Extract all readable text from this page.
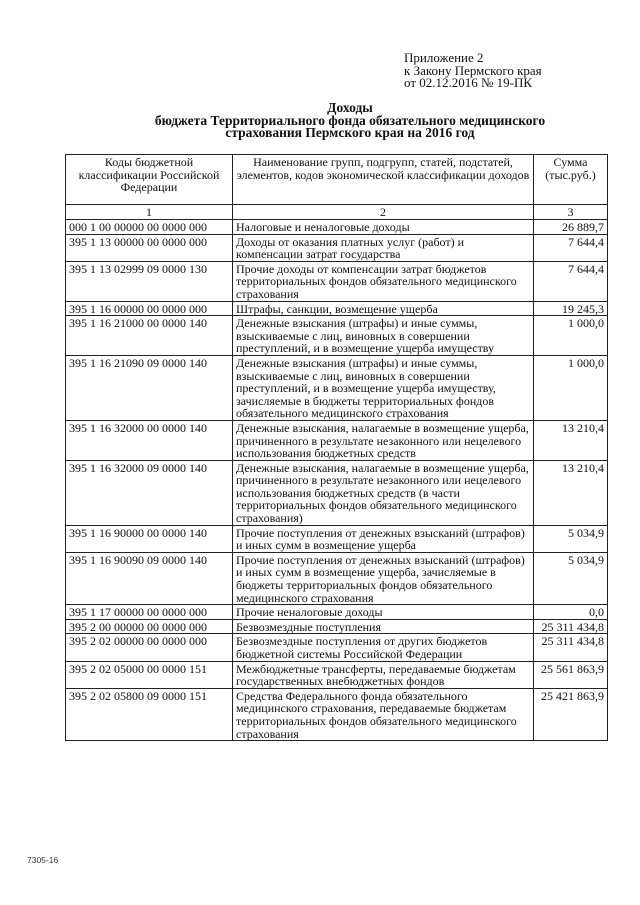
Приложение 2
к Закону Пермского края
от 02.12.2016 № 19-ПК
Доходы
бюджета Территориального фонда обязательного медицинского
страхования Пермского края на 2016 год
Коды бюджетной классификации Российской Федерации	Наименование групп, подгрупп, статей, подстатей, элементов, кодов экономической классификации доходов	Сумма (тыс.руб.)
1	2	3
000 1 00 00000 00 0000 000	Налоговые и неналоговые доходы	26 889,7
395 1 13 00000 00 0000 000	Доходы от оказания платных услуг (работ) и компенсации затрат государства	7 644,4
395 1 13 02999 09 0000 130	Прочие доходы от компенсации затрат бюджетов территориальных фондов обязательного медицинского страхования	7 644,4
395 1 16 00000 00 0000 000	Штрафы, санкции, возмещение ущерба	19 245,3
395 1 16 21000 00 0000 140	Денежные взыскания (штрафы) и иные суммы, взыскиваемые с лиц, виновных в совершении преступлений, и в возмещение ущерба имуществу	1 000,0
395 1 16 21090 09 0000 140	Денежные взыскания (штрафы) и иные суммы, взыскиваемые с лиц, виновных в совершении преступлений, и в возмещение ущерба имуществу, зачисляемые в бюджеты территориальных фондов обязательного медицинского страхования	1 000,0
395 1 16 32000 00 0000 140	Денежные взыскания, налагаемые в возмещение ущерба, причиненного в результате незаконного или нецелевого использования бюджетных средств	13 210,4
395 1 16 32000 09 0000 140	Денежные взыскания, налагаемые в возмещение ущерба, причиненного в результате незаконного или нецелевого использования бюджетных средств (в части территориальных фондов обязательного медицинского страхования)	13 210,4
395 1 16 90000 00 0000 140	Прочие поступления от денежных взысканий (штрафов) и иных сумм в возмещение ущерба	5 034,9
395 1 16 90090 09 0000 140	Прочие поступления от денежных взысканий (штрафов) и иных сумм в возмещение ущерба, зачисляемые в бюджеты территориальных фондов обязательного медицинского страхования	5 034,9
395 1 17 00000 00 0000 000	Прочие неналоговые доходы	0,0
395 2 00 00000 00 0000 000	Безвозмездные поступления	25 311 434,8
395 2 02 00000 00 0000 000	Безвозмездные поступления от других бюджетов бюджетной системы Российской Федерации	25 311 434,8
395 2 02 05000 00 0000 151	Межбюджетные трансферты, передаваемые бюджетам государственных внебюджетных фондов	25 561 863,9
395 2 02 05800 09 0000 151	Средства Федерального фонда обязательного медицинского страхования, передаваемые бюджетам территориальных фондов обязательного медицинского страхования	25 421 863,9
7305-16
